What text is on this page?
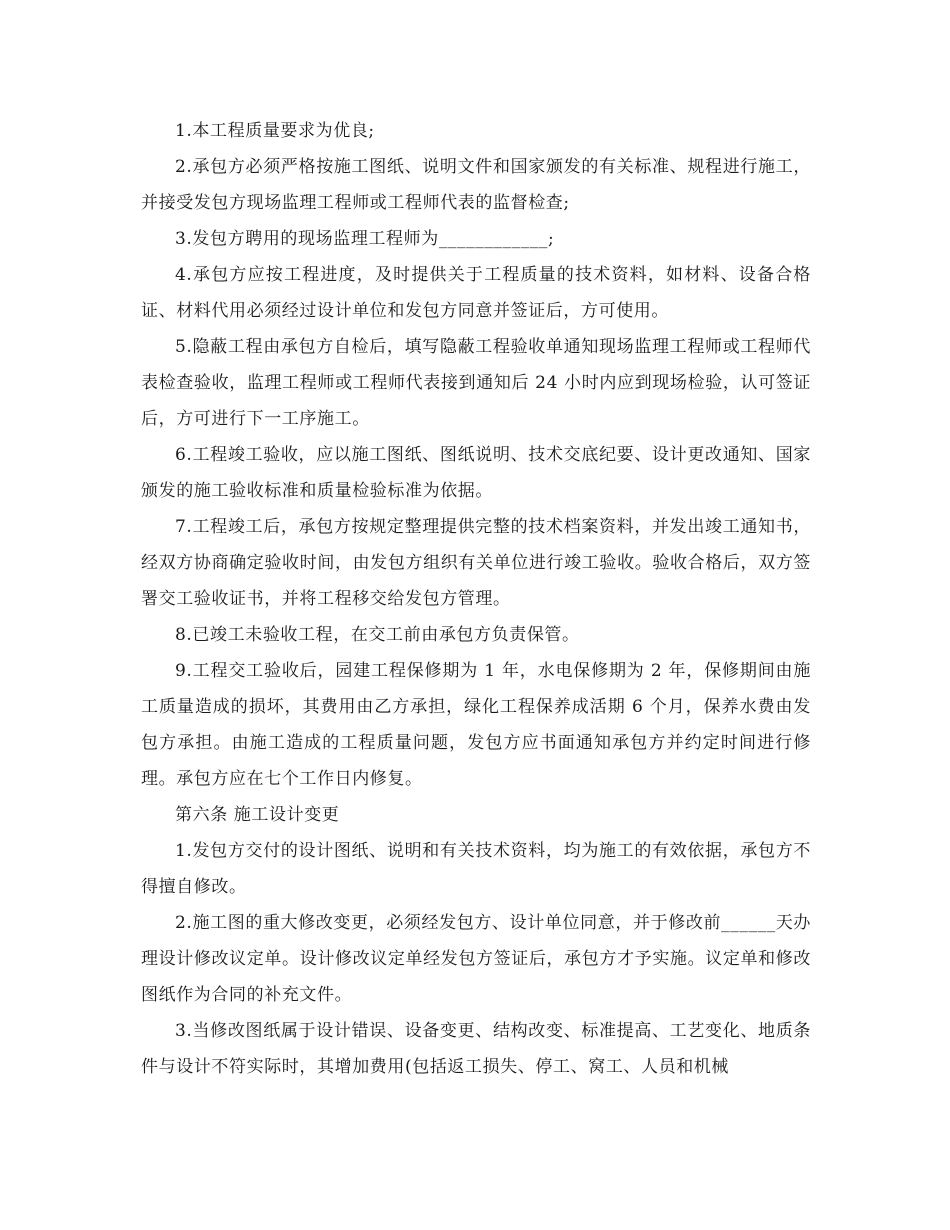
1.本工程质量要求为优良;

2.承包方必须严格按施工图纸、说明文件和国家颁发的有关标准、规程进行施工，并接受发包方现场监理工程师或工程师代表的监督检查;

3.发包方聘用的现场监理工程师为____________;

4.承包方应按工程进度，及时提供关于工程质量的技术资料，如材料、设备合格证、材料代用必须经过设计单位和发包方同意并签证后，方可使用。

5.隐蔽工程由承包方自检后，填写隐蔽工程验收单通知现场监理工程师或工程师代表检查验收，监理工程师或工程师代表接到通知后 24 小时内应到现场检验，认可签证后，方可进行下一工序施工。

6.工程竣工验收，应以施工图纸、图纸说明、技术交底纪要、设计更改通知、国家颁发的施工验收标准和质量检验标准为依据。

7.工程竣工后，承包方按规定整理提供完整的技术档案资料，并发出竣工通知书，经双方协商确定验收时间，由发包方组织有关单位进行竣工验收。验收合格后，双方签署交工验收证书，并将工程移交给发包方管理。

8.已竣工未验收工程，在交工前由承包方负责保管。

9.工程交工验收后，园建工程保修期为 1 年，水电保修期为 2 年，保修期间由施工质量造成的损坏，其费用由乙方承担，绿化工程保养成活期 6 个月，保养水费由发包方承担。由施工造成的工程质量问题，发包方应书面通知承包方并约定时间进行修理。承包方应在七个工作日内修复。

第六条 施工设计变更

1.发包方交付的设计图纸、说明和有关技术资料，均为施工的有效依据，承包方不得擅自修改。

2.施工图的重大修改变更，必须经发包方、设计单位同意，并于修改前______天办理设计修改议定单。设计修改议定单经发包方签证后，承包方才予实施。议定单和修改图纸作为合同的补充文件。

3.当修改图纸属于设计错误、设备变更、结构改变、标准提高、工艺变化、地质条件与设计不符实际时，其增加费用(包括返工损失、停工、窝工、人员和机械
